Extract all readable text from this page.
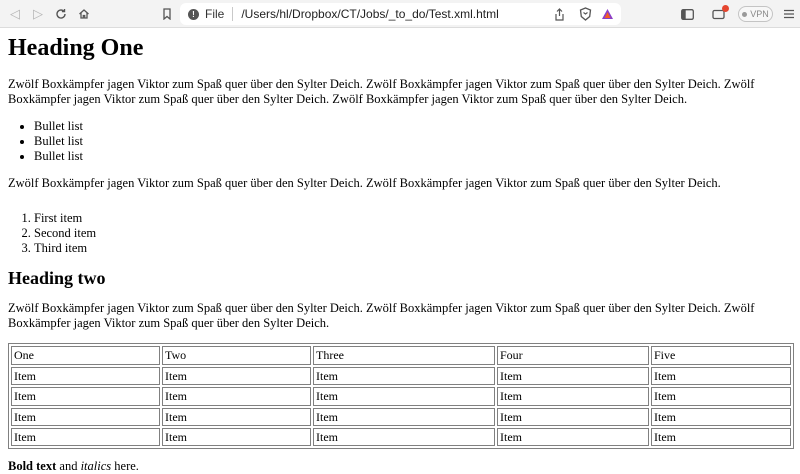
◁	▷	! File /Users/hl/Dropbox/CT/Jobs/_to_do/Test.xml.html	VPN
Heading One

Zwölf Boxkämpfer jagen Viktor zum Spaß quer über den Sylter Deich. Zwölf Boxkämpfer jagen Viktor zum Spaß quer über den Sylter Deich. Zwölf Boxkämpfer jagen Viktor zum Spaß quer über den Sylter Deich. Zwölf Boxkämpfer jagen Viktor zum Spaß quer über den Sylter Deich.

• Bullet list
• Bullet list
• Bullet list

Zwölf Boxkämpfer jagen Viktor zum Spaß quer über den Sylter Deich. Zwölf Boxkämpfer jagen Viktor zum Spaß quer über den Sylter Deich.

1. First item
2. Second item
3. Third item
Heading two

Zwölf Boxkämpfer jagen Viktor zum Spaß quer über den Sylter Deich. Zwölf Boxkämpfer jagen Viktor zum Spaß quer über den Sylter Deich. Zwölf Boxkämpfer jagen Viktor zum Spaß quer über den Sylter Deich.

One	Two	Three	Four	Five
Item	Item	Item	Item	Item
Item	Item	Item	Item	Item
Item	Item	Item	Item	Item
Item	Item	Item	Item	Item

Bold text and italics here.
